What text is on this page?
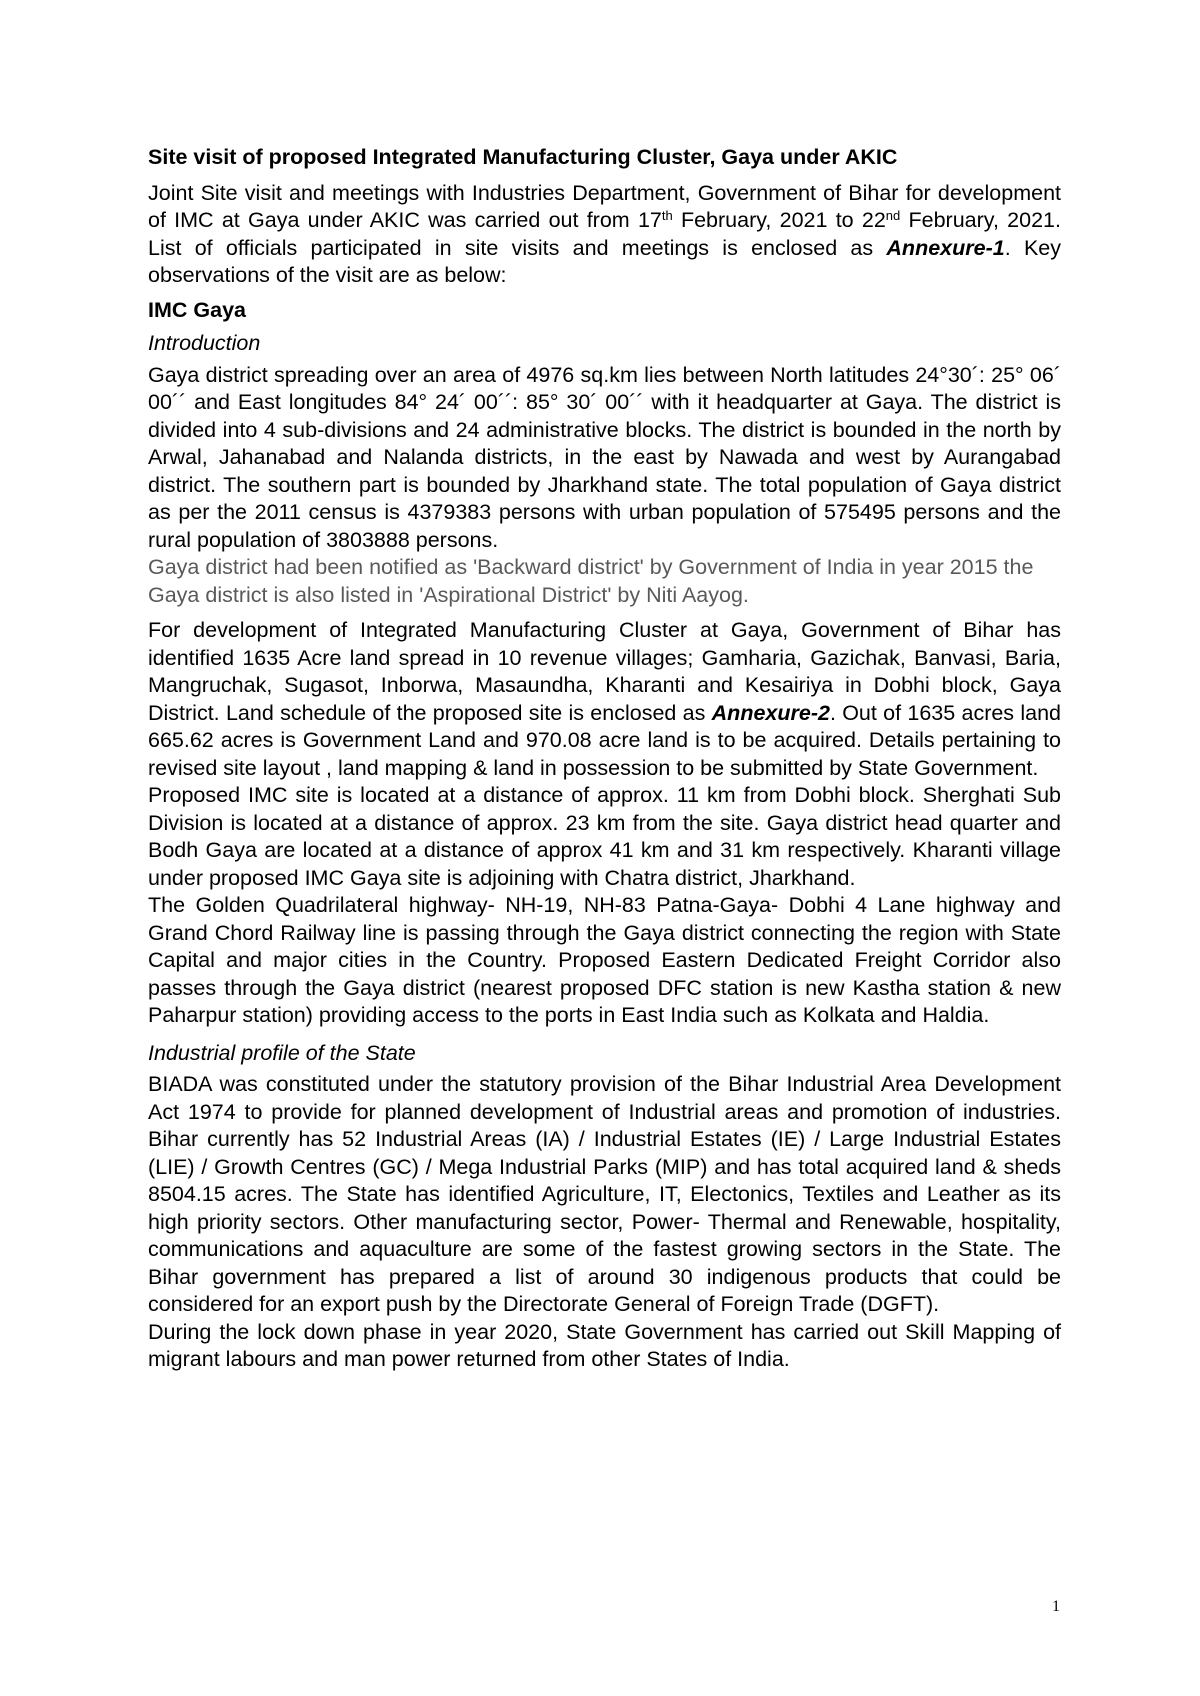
Site visit of proposed Integrated Manufacturing Cluster, Gaya under AKIC

Joint Site visit and meetings with Industries Department, Government of Bihar for development of IMC at Gaya under AKIC was carried out from 17th February, 2021 to 22nd February, 2021. List of officials participated in site visits and meetings is enclosed as Annexure-1. Key observations of the visit are as below:

IMC Gaya

Introduction

Gaya district spreading over an area of 4976 sq.km lies between North latitudes 24°30´: 25° 06´ 00´´ and East longitudes 84° 24´ 00´´: 85° 30´ 00´´ with it headquarter at Gaya. The district is divided into 4 sub-divisions and 24 administrative blocks. The district is bounded in the north by Arwal, Jahanabad and Nalanda districts, in the east by Nawada and west by Aurangabad district. The southern part is bounded by Jharkhand state. The total population of Gaya district as per the 2011 census is 4379383 persons with urban population of 575495 persons and the rural population of 3803888 persons.

Gaya district had been notified as 'Backward district' by Government of India in year 2015 the Gaya district is also listed in 'Aspirational District' by Niti Aayog.

For development of Integrated Manufacturing Cluster at Gaya, Government of Bihar has identified 1635 Acre land spread in 10 revenue villages; Gamharia, Gazichak, Banvasi, Baria, Mangruchak, Sugasot, Inborwa, Masaundha, Kharanti and Kesairiya in Dobhi block, Gaya District. Land schedule of the proposed site is enclosed as Annexure-2. Out of 1635 acres land 665.62 acres is Government Land and 970.08 acre land is to be acquired. Details pertaining to revised site layout , land mapping & land in possession to be submitted by State Government.

Proposed IMC site is located at a distance of approx. 11 km from Dobhi block. Sherghati Sub Division is located at a distance of approx. 23 km from the site. Gaya district head quarter and Bodh Gaya are located at a distance of approx 41 km and 31 km respectively. Kharanti village under proposed IMC Gaya site is adjoining with Chatra district, Jharkhand.

The Golden Quadrilateral highway- NH-19, NH-83 Patna-Gaya- Dobhi 4 Lane highway and Grand Chord Railway line is passing through the Gaya district connecting the region with State Capital and major cities in the Country. Proposed Eastern Dedicated Freight Corridor also passes through the Gaya district (nearest proposed DFC station is new Kastha station & new Paharpur station) providing access to the ports in East India such as Kolkata and Haldia.

Industrial profile of the State

BIADA was constituted under the statutory provision of the Bihar Industrial Area Development Act 1974 to provide for planned development of Industrial areas and promotion of industries. Bihar currently has 52 Industrial Areas (IA) / Industrial Estates (IE) / Large Industrial Estates (LIE) / Growth Centres (GC) / Mega Industrial Parks (MIP) and has total acquired land & sheds 8504.15 acres. The State has identified Agriculture, IT, Electonics, Textiles and Leather as its high priority sectors. Other manufacturing sector, Power- Thermal and Renewable, hospitality, communications and aquaculture are some of the fastest growing sectors in the State. The Bihar government has prepared a list of around 30 indigenous products that could be considered for an export push by the Directorate General of Foreign Trade (DGFT).

During the lock down phase in year 2020, State Government has carried out Skill Mapping of migrant labours and man power returned from other States of India.

1
